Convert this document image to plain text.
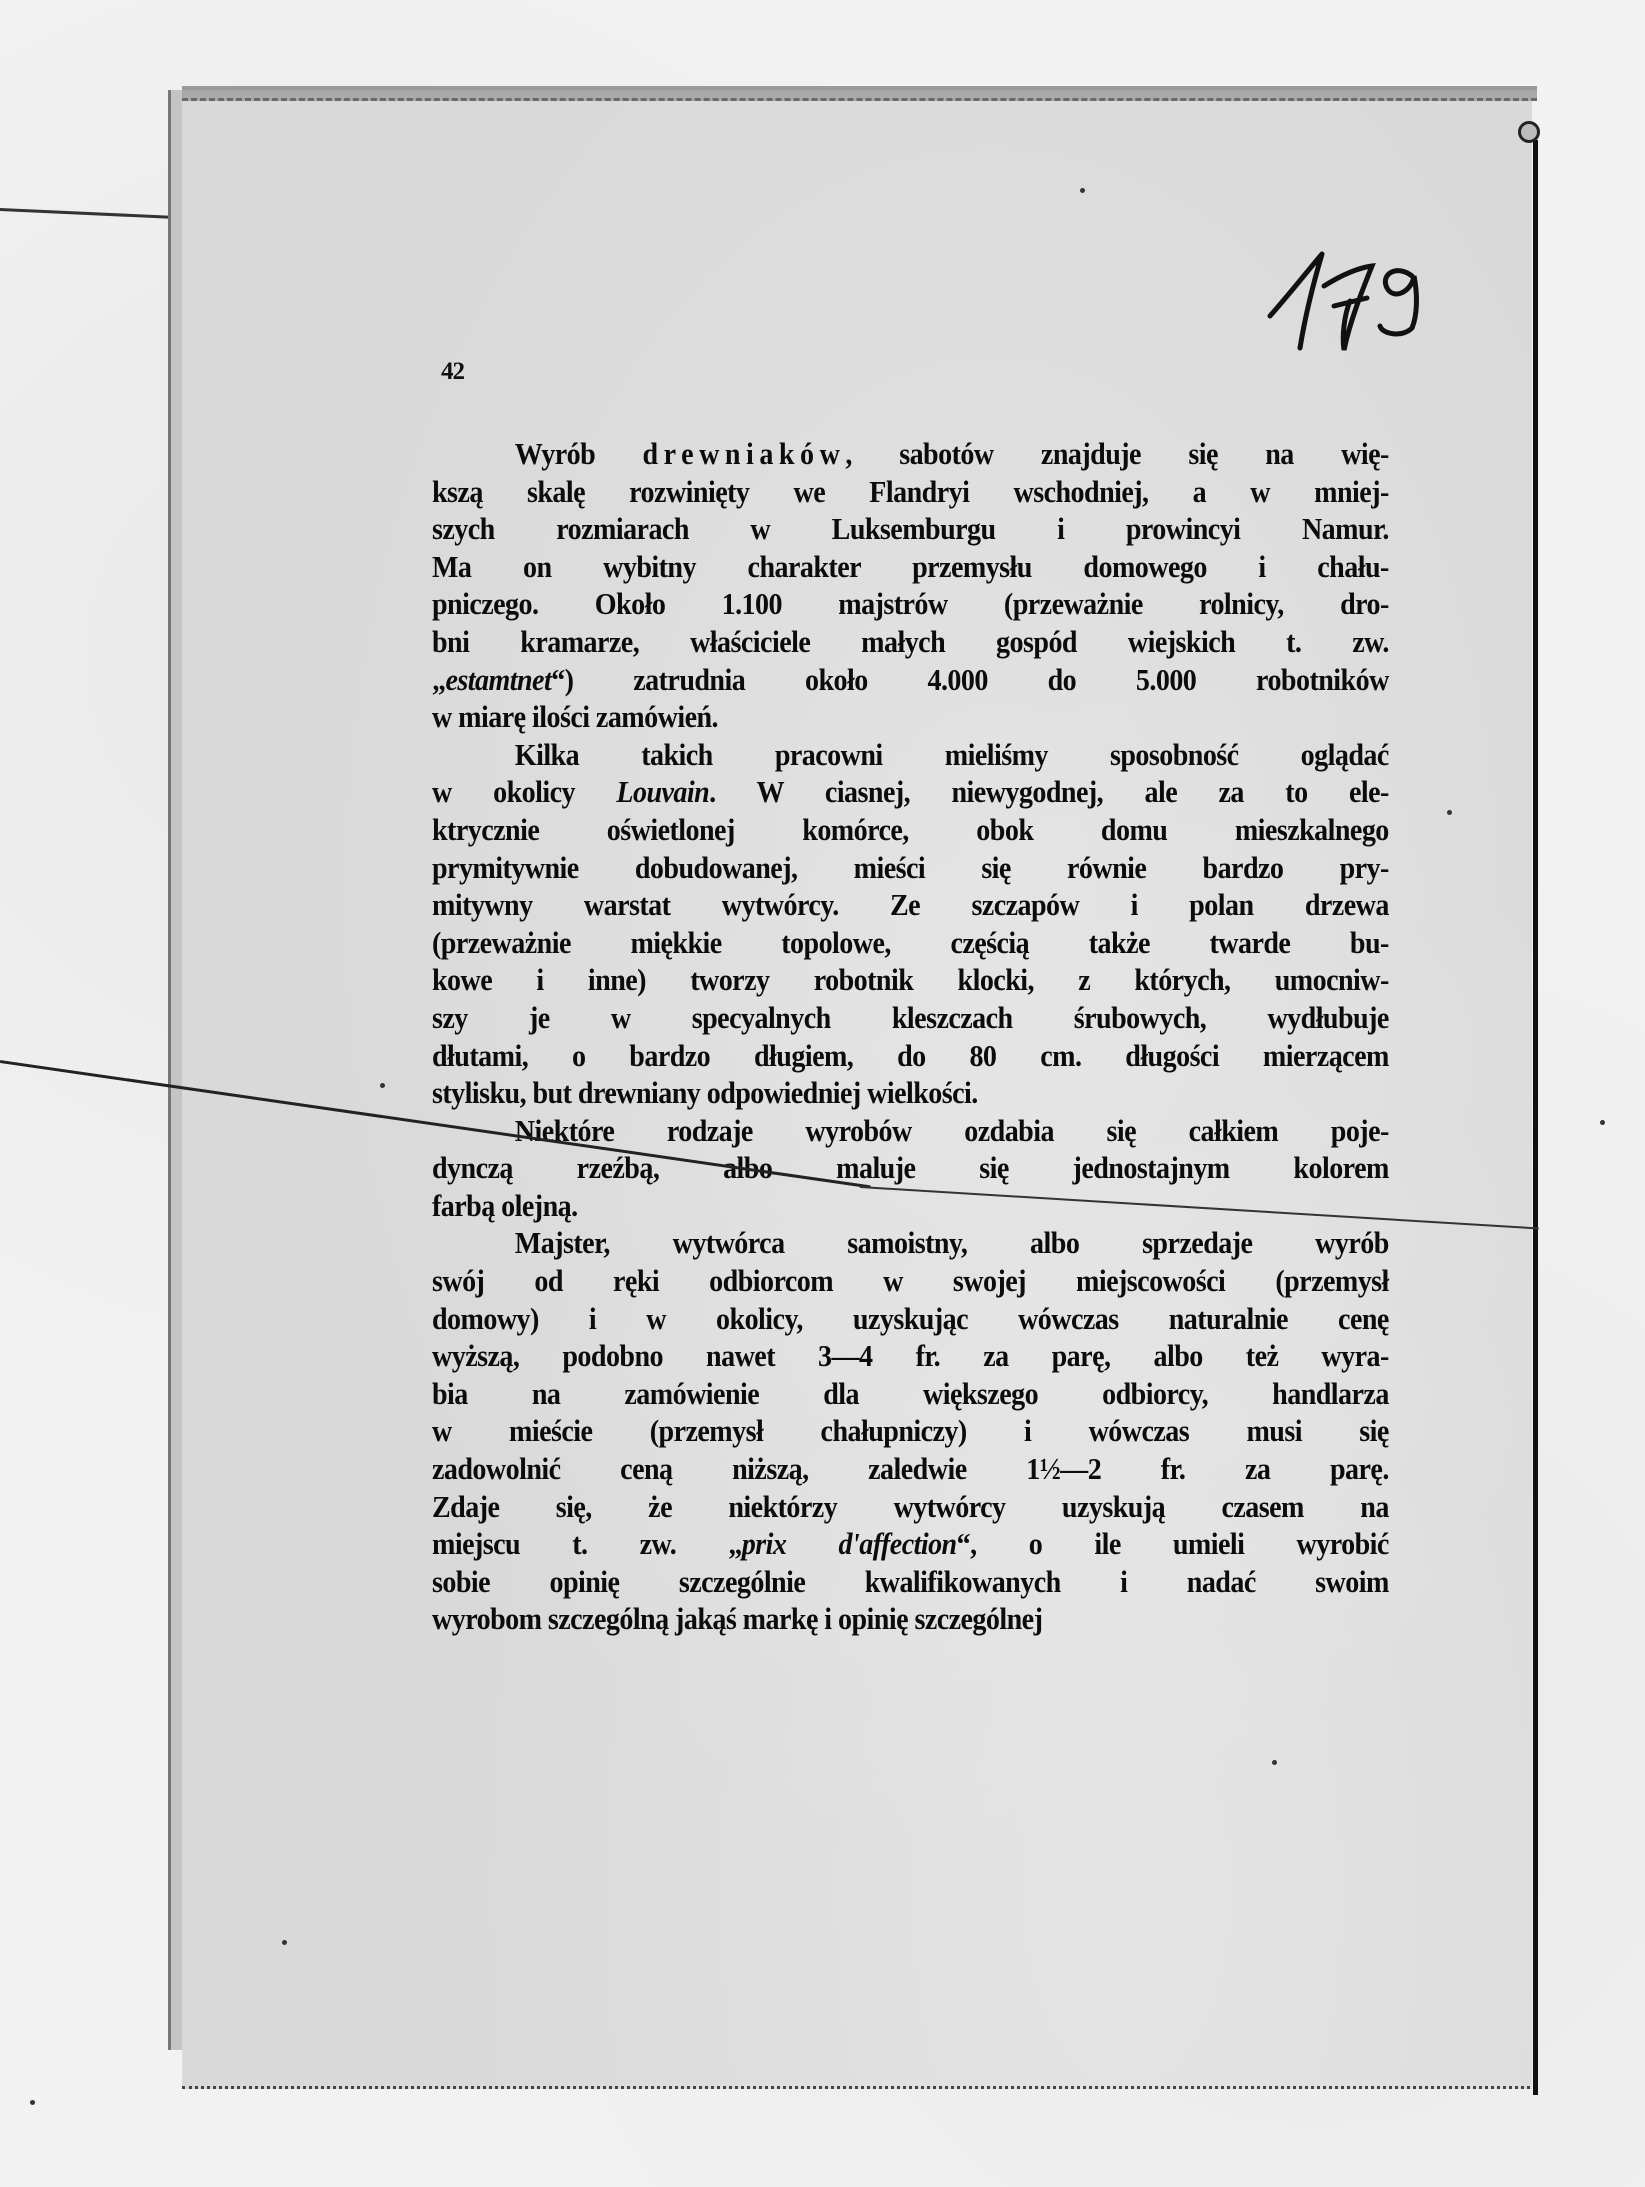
42
Wyrób drewniaków, sabotów znajduje się na wię-
kszą skalę rozwinięty we Flandryi wschodniej, a w mniej-
szych rozmiarach w Luksemburgu i prowincyi Namur.
Ma on wybitny charakter przemysłu domowego i chału-
pniczego. Około 1.100 majstrów (przeważnie rolnicy, dro-
bni kramarze, właściciele małych gospód wiejskich t. zw.
„estamtnet“) zatrudnia około 4.000 do 5.000 robotników
w miarę ilości zamówień.
Kilka takich pracowni mieliśmy sposobność oglądać
w okolicy Louvain. W ciasnej, niewygodnej, ale za to ele-
ktrycznie oświetlonej komórce, obok domu mieszkalnego
prymitywnie dobudowanej, mieści się równie bardzo pry-
mitywny warstat wytwórcy. Ze szczapów i polan drzewa
(przeważnie miękkie topolowe, częścią także twarde bu-
kowe i inne) tworzy robotnik klocki, z których, umocniw-
szy je w specyalnych kleszczach śrubowych, wydłubuje
dłutami, o bardzo długiem, do 80 cm. długości mierzącem
stylisku, but drewniany odpowiedniej wielkości.
Niektóre rodzaje wyrobów ozdabia się całkiem poje-
dynczą rzeźbą, albo maluje się jednostajnym kolorem
farbą olejną.
Majster, wytwórca samoistny, albo sprzedaje wyrób
swój od ręki odbiorcom w swojej miejscowości (przemysł
domowy) i w okolicy, uzyskując wówczas naturalnie cenę
wyższą, podobno nawet 3—4 fr. za parę, albo też wyra-
bia na zamówienie dla większego odbiorcy, handlarza
w mieście (przemysł chałupniczy) i wówczas musi się
zadowolnić ceną niższą, zaledwie 1½—2 fr. za parę.
Zdaje się, że niektórzy wytwórcy uzyskują czasem na
miejscu t. zw. „prix d'affection“, o ile umieli wyrobić
sobie opinię szczególnie kwalifikowanych i nadać swoim
wyrobom szczególną jakąś markę i opinię szczególnej
